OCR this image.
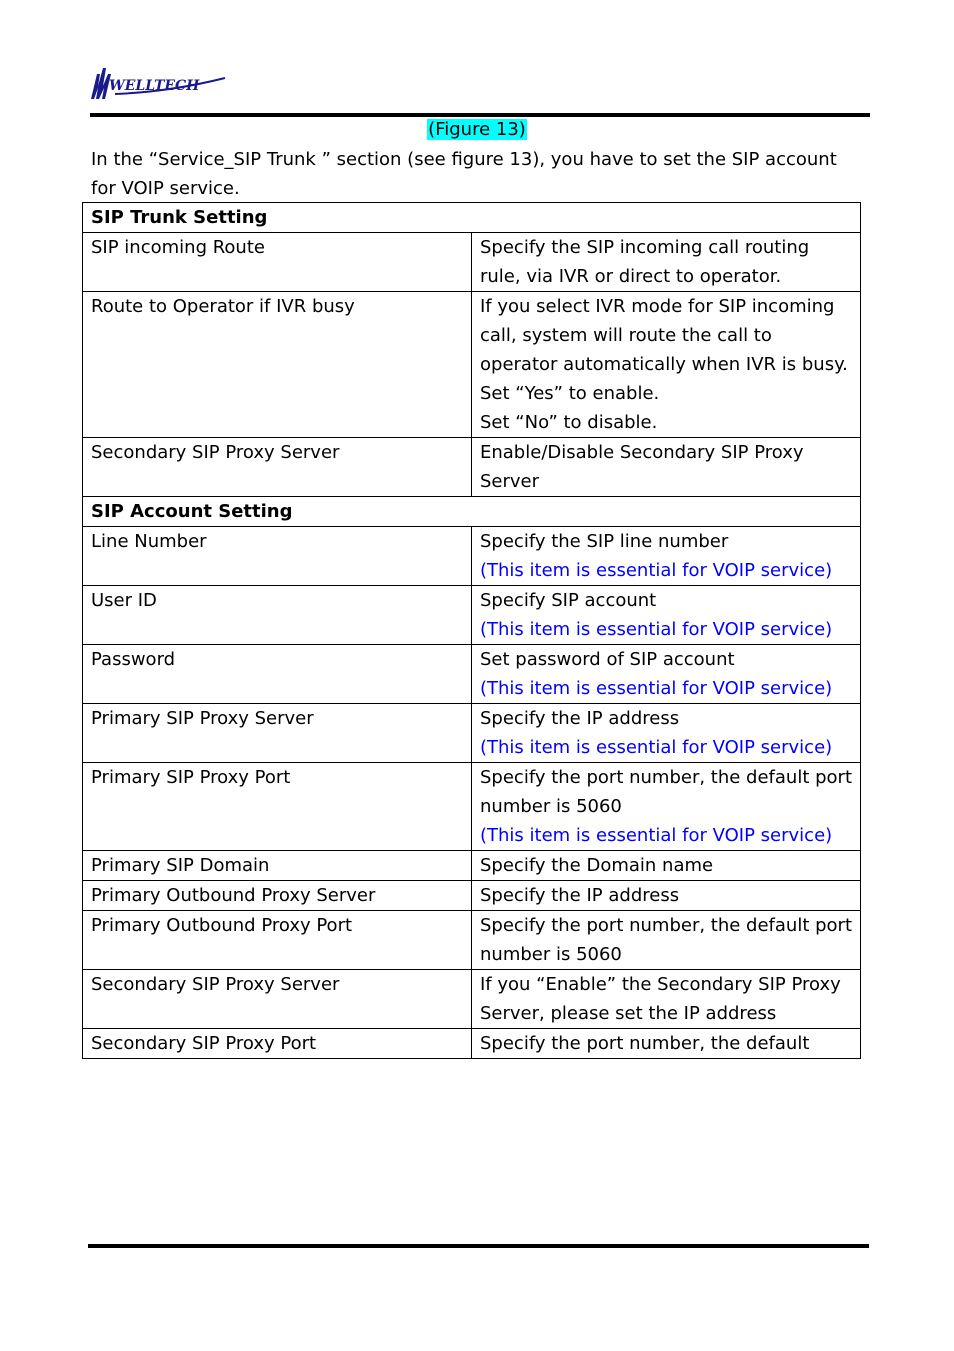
WELLTECH
(Figure 13)
In the “Service_SIP Trunk ” section (see figure 13), you have to set the SIP account for VOIP service.
SIP Trunk Setting	
SIP incoming Route	Specify the SIP incoming call routing rule, via IVR or direct to operator.
Route to Operator if IVR busy	If you select IVR mode for SIP incoming call, system will route the call to operator automatically when IVR is busy.
Set “Yes” to enable.
Set “No” to disable.

Secondary SIP Proxy Server	Enable/Disable Secondary SIP Proxy Server
SIP Account Setting	
Line Number	Specify the SIP line number
(This item is essential for VOIP service)

User ID	Specify SIP account
(This item is essential for VOIP service)

Password	Set password of SIP account
(This item is essential for VOIP service)

Primary SIP Proxy Server	Specify the IP address
(This item is essential for VOIP service)

Primary SIP Proxy Port	Specify the port number, the default port number is 5060
(This item is essential for VOIP service)

Primary SIP Domain	Specify the Domain name
Primary Outbound Proxy Server	Specify the IP address
Primary Outbound Proxy Port	Specify the port number, the default port number is 5060
Secondary SIP Proxy Server	If you “Enable” the Secondary SIP Proxy Server, please set the IP address
Secondary SIP Proxy Port	Specify the port number, the default
